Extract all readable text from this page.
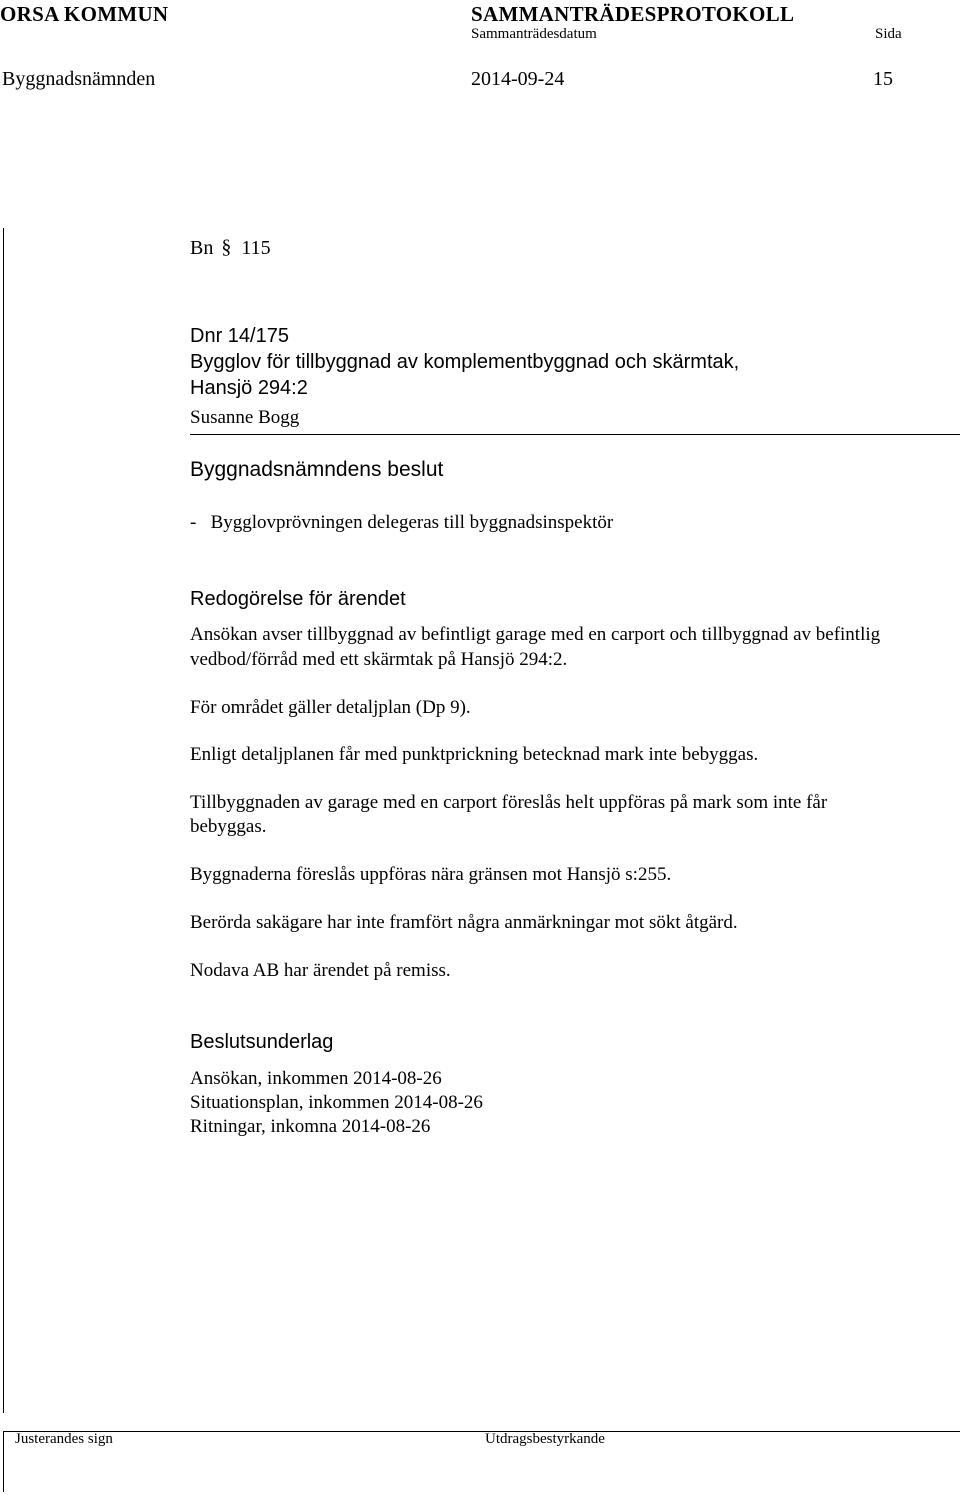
ORSA KOMMUN	SAMMANTRÄDESPROTOKOLL
Sammanträdesdatum	Sida
Byggnadsnämnden	2014-09-24	15
Bn § 115
Dnr 14/175
Bygglov för tillbyggnad av komplementbyggnad och skärmtak,
Hansjö 294:2
Susanne Bogg
Byggnadsnämndens beslut
-   Bygglovprövningen delegeras till byggnadsinspektör
Redogörelse för ärendet
Ansökan avser tillbyggnad av befintligt garage med en carport och tillbyggnad av befintlig
vedbod/förråd med ett skärmtak på Hansjö 294:2.
För området gäller detaljplan (Dp 9).
Enligt detaljplanen får med punktprickning betecknad mark inte bebyggas.
Tillbyggnaden av garage med en carport föreslås helt uppföras på mark som inte får
bebyggas.
Byggnaderna föreslås uppföras nära gränsen mot Hansjö s:255.
Berörda sakägare har inte framfört några anmärkningar mot sökt åtgärd.
Nodava AB har ärendet på remiss.
Beslutsunderlag
Ansökan, inkommen 2014-08-26
Situationsplan, inkommen 2014-08-26
Ritningar, inkomna 2014-08-26
Justerandes sign	Utdragsbestyrkande
